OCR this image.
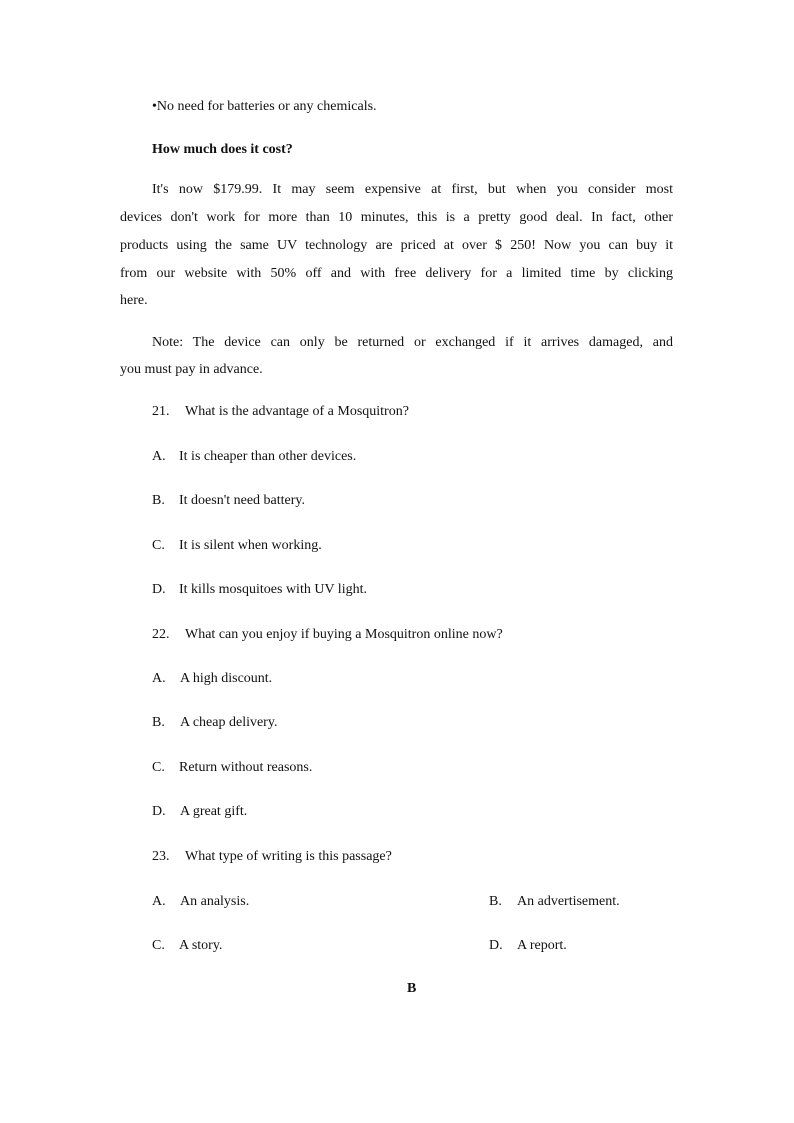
•No need for batteries or any chemicals.
How much does it cost?
It's now $179.99. It may seem expensive at first, but when you consider most
devices don't work for more than 10 minutes, this is a pretty good deal. In fact, other
products using the same UV technology are priced at over $ 250! Now you can buy it
from our website with 50% off and with free delivery for a limited time by clicking
here.
Note: The device can only be returned or exchanged if it arrives damaged, and
you must pay in advance.
21. What is the advantage of a Mosquitron?
A. It is cheaper than other devices.
B. It doesn't need battery.
C. It is silent when working.
D. It kills mosquitoes with UV light.
22. What can you enjoy if buying a Mosquitron online now?
A. A high discount.
B. A cheap delivery.
C. Return without reasons.
D. A great gift.
23. What type of writing is this passage?
A. An analysis.	B. An advertisement.
C. A story.	D. A report.
B
